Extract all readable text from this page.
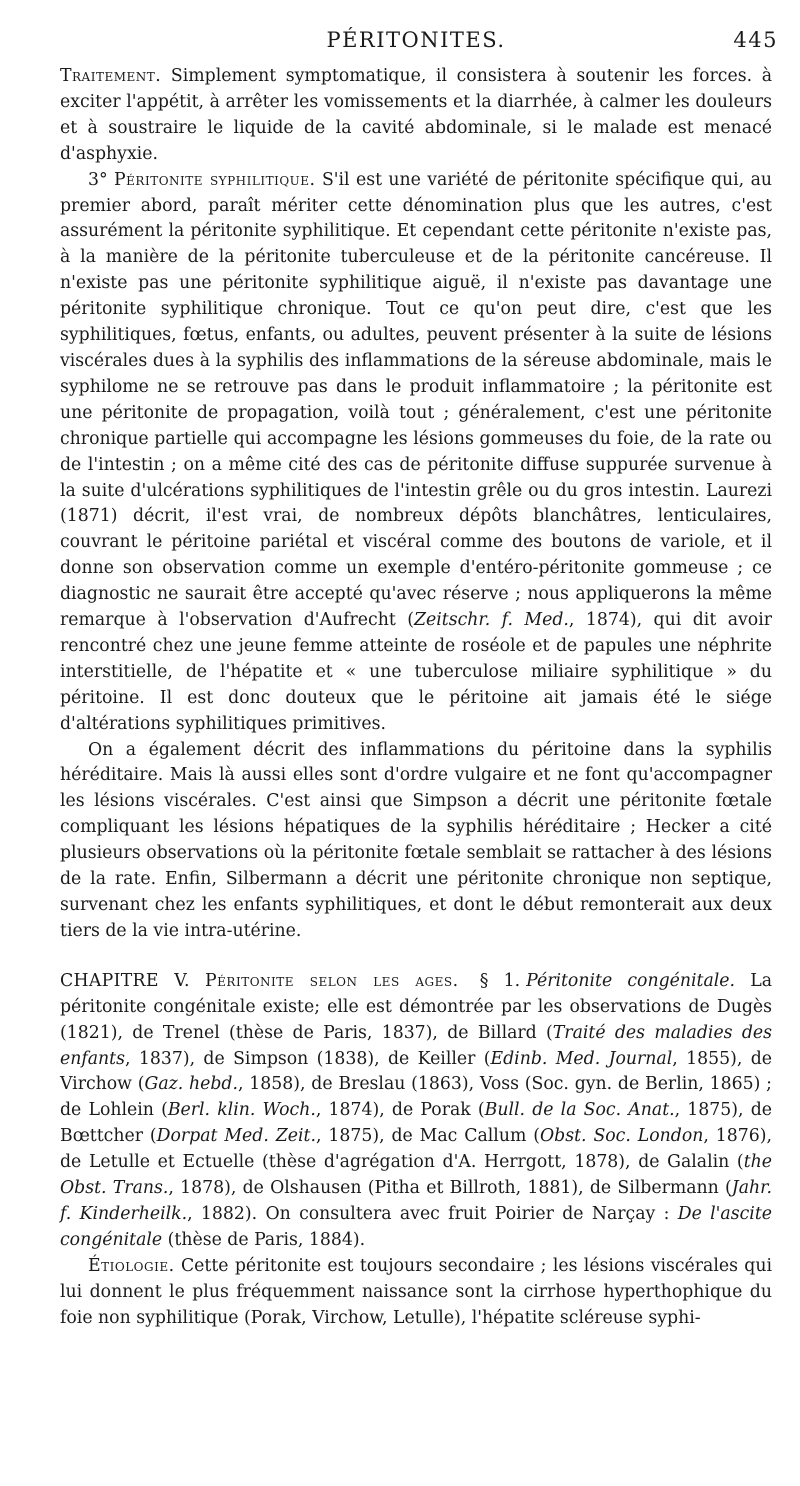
PÉRITONITES.	445

Traitement. Simplement symptomatique, il consistera à soutenir les forces. à exciter l'appétit, à arrêter les vomissements et la diarrhée, à calmer les douleurs et à soustraire le liquide de la cavité abdominale, si le malade est menacé d'asphyxie.

3° Péritonite syphilitique. S'il est une variété de péritonite spécifique qui, au premier abord, paraît mériter cette dénomination plus que les autres, c'est assurément la péritonite syphilitique. Et cependant cette péritonite n'existe pas, à la manière de la péritonite tuberculeuse et de la péritonite cancéreuse. Il n'existe pas une péritonite syphilitique aiguë, il n'existe pas davantage une péritonite syphilitique chronique. Tout ce qu'on peut dire, c'est que les syphilitiques, fœtus, enfants, ou adultes, peuvent présenter à la suite de lésions viscérales dues à la syphilis des inflammations de la séreuse abdominale, mais le syphilome ne se retrouve pas dans le produit inflammatoire ; la péritonite est une péritonite de propagation, voilà tout ; généralement, c'est une péritonite chronique partielle qui accompagne les lésions gommeuses du foie, de la rate ou de l'intestin ; on a même cité des cas de péritonite diffuse suppurée survenue à la suite d'ulcérations syphilitiques de l'intestin grêle ou du gros intestin. Laurezi (1871) décrit, il'est vrai, de nombreux dépôts blanchâtres, lenticulaires, couvrant le péritoine pariétal et viscéral comme des boutons de variole, et il donne son observation comme un exemple d'entéro-péritonite gommeuse ; ce diagnostic ne saurait être accepté qu'avec réserve ; nous appliquerons la même remarque à l'observation d'Aufrecht (Zeitschr. f. Med., 1874), qui dit avoir rencontré chez une jeune femme atteinte de roséole et de papules une néphrite interstitielle, de l'hépatite et « une tuberculose miliaire syphilitique » du péritoine. Il est donc douteux que le péritoine ait jamais été le siége d'altérations syphilitiques primitives.

On a également décrit des inflammations du péritoine dans la syphilis héréditaire. Mais là aussi elles sont d'ordre vulgaire et ne font qu'accompagner les lésions viscérales. C'est ainsi que Simpson a décrit une péritonite fœtale compliquant les lésions hépatiques de la syphilis héréditaire ; Hecker a cité plusieurs observations où la péritonite fœtale semblait se rattacher à des lésions de la rate. Enfin, Silbermann a décrit une péritonite chronique non septique, survenant chez les enfants syphilitiques, et dont le début remonterait aux deux tiers de la vie intra-utérine.

CHAPITRE V. Péritonite selon les ages. § 1. Péritonite congénitale. La péritonite congénitale existe; elle est démontrée par les observations de Dugès (1821), de Trenel (thèse de Paris, 1837), de Billard (Traité des maladies des enfants, 1837), de Simpson (1838), de Keiller (Edinb. Med. Journal, 1855), de Virchow (Gaz. hebd., 1858), de Breslau (1863), Voss (Soc. gyn. de Berlin, 1865) ; de Lohlein (Berl. klin. Woch., 1874), de Porak (Bull. de la Soc. Anat., 1875), de Bœttcher (Dorpat Med. Zeit., 1875), de Mac Callum (Obst. Soc. London, 1876), de Letulle et Ectuelle (thèse d'agrégation d'A. Herrgott, 1878), de Galalin (the Obst. Trans., 1878), de Olshausen (Pitha et Billroth, 1881), de Silbermann (Jahr. f. Kinderheilk., 1882). On consultera avec fruit Poirier de Narçay : De l'ascite congénitale (thèse de Paris, 1884).

Étiologie. Cette péritonite est toujours secondaire ; les lésions viscérales qui lui donnent le plus fréquemment naissance sont la cirrhose hyperthophique du foie non syphilitique (Porak, Virchow, Letulle), l'hépatite scléreuse syphi-
